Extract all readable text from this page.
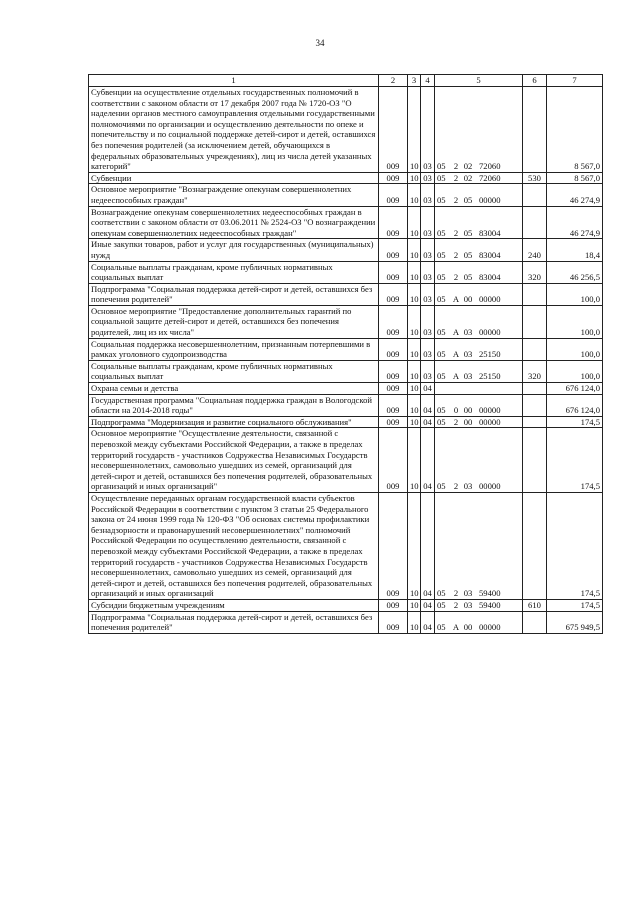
34
1	2	3	4	5	6	7
Субвенции на осуществление отдельных государственных полномочий в соответствии с законом области от 17 декабря 2007 года № 1720-ОЗ "О наделении органов местного самоуправления отдельными государственными полномочиями по организации и осуществлению деятельности по опеке и попечительству и по социальной поддержке детей-сирот и детей, оставшихся без попечения родителей (за исключением детей, обучающихся в федеральных образовательных учреждениях), лиц из числа детей указанных категорий"	009	10	03	05 2 02 72060		8 567,0
Субвенции	009	10	03	05 2 02 72060	530	8 567,0
Основное мероприятие "Вознаграждение опекунам совершеннолетних недееспособных граждан"	009	10	03	05 2 05 00000		46 274,9
Вознаграждение опекунам совершеннолетних недееспособных граждан в соответствии с законом области от 03.06.2011 № 2524-ОЗ "О вознаграждении опекунам совершеннолетних недееспособных граждан"	009	10	03	05 2 05 83004		46 274,9
Иные закупки товаров, работ и услуг для государственных (муниципальных) нужд	009	10	03	05 2 05 83004	240	18,4
Социальные выплаты гражданам, кроме публичных нормативных социальных выплат	009	10	03	05 2 05 83004	320	46 256,5
Подпрограмма "Социальная поддержка детей-сирот и детей, оставшихся без попечения родителей"	009	10	03	05 А 00 00000		100,0
Основное мероприятие "Предоставление дополнительных гарантий по социальной защите детей-сирот и детей, оставшихся без попечения родителей, лиц из их числа"	009	10	03	05 А 03 00000		100,0
Социальная поддержка несовершеннолетним, признанным потерпевшими в рамках уголовного судопроизводства	009	10	03	05 А 03 25150		100,0
Социальные выплаты гражданам, кроме публичных нормативных социальных выплат	009	10	03	05 А 03 25150	320	100,0
Охрана семьи и детства	009	10	04			676 124,0
Государственная программа "Социальная поддержка граждан в Вологодской области на 2014-2018 годы"	009	10	04	05 0 00 00000		676 124,0
Подпрограмма "Модернизация и развитие социального обслуживания"	009	10	04	05 2 00 00000		174,5
Основное мероприятие "Осуществление деятельности, связанной с перевозкой между субъектами Российской Федерации, а также в пределах территорий государств - участников Содружества Независимых Государств несовершеннолетних, самовольно ушедших из семей, организаций для детей-сирот и детей, оставшихся без попечения родителей, образовательных организаций и иных организаций"	009	10	04	05 2 03 00000		174,5
Осуществление переданных органам государственной власти субъектов Российской Федерации в соответствии с пунктом 3 статьи 25 Федерального закона от 24 июня 1999 года № 120-ФЗ "Об основах системы профилактики безнадзорности и правонарушений несовершеннолетних" полномочий Российской Федерации по осуществлению деятельности, связанной с перевозкой между субъектами Российской Федерации, а также в пределах территорий государств - участников Содружества Независимых Государств несовершеннолетних, самовольно ушедших из семей, организаций для детей-сирот и детей, оставшихся без попечения родителей, образовательных организаций и иных организаций	009	10	04	05 2 03 59400		174,5
Субсидии бюджетным учреждениям	009	10	04	05 2 03 59400	610	174,5
Подпрограмма "Социальная поддержка детей-сирот и детей, оставшихся без попечения родителей"	009	10	04	05 А 00 00000		675 949,5
